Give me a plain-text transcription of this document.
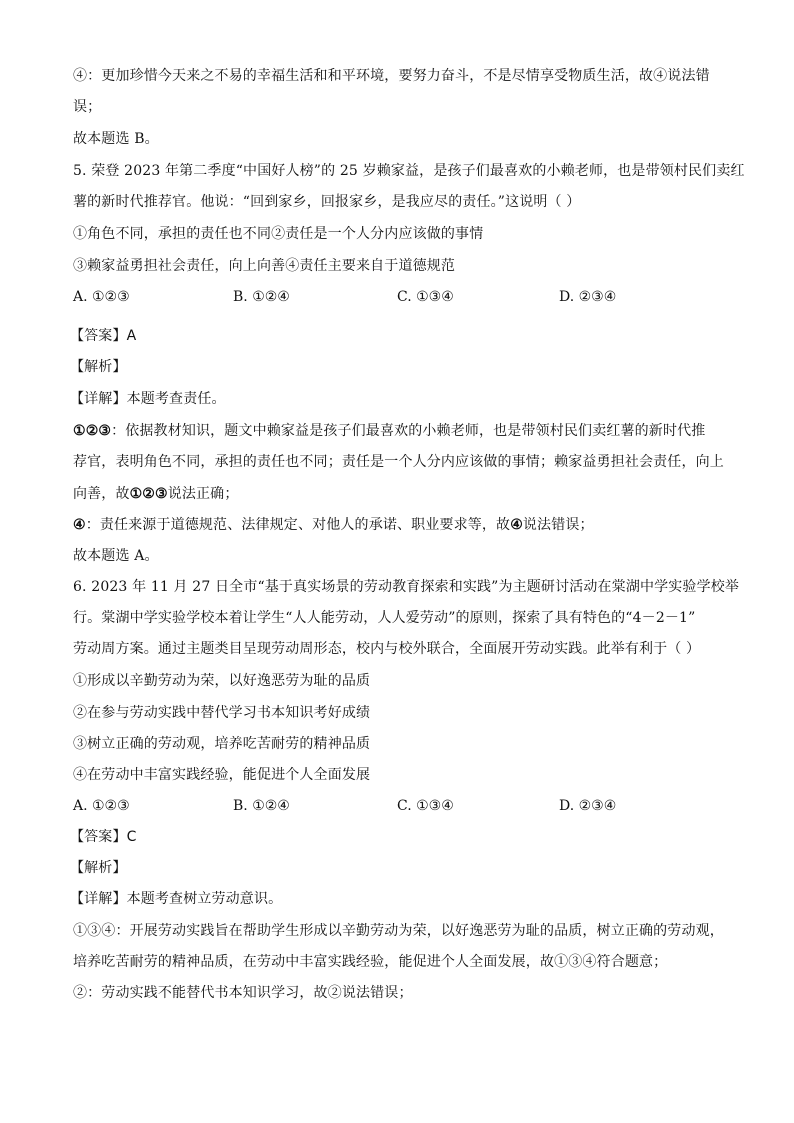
④：更加珍惜今天来之不易的幸福生活和和平环境，要努力奋斗，不是尽情享受物质生活，故④说法错
误；
故本题选 B。
5. 荣登 2023 年第二季度“中国好人榜”的 25 岁赖家益，是孩子们最喜欢的小赖老师，也是带领村民们卖红
薯的新时代推荐官。他说：“回到家乡，回报家乡，是我应尽的责任。”这说明（ ）
①角色不同，承担的责任也不同②责任是一个人分内应该做的事情
③赖家益勇担社会责任，向上向善④责任主要来自于道德规范
A. ①②③	B. ①②④	C. ①③④	D. ②③④
【答案】A
【解析】
【详解】本题考查责任。
①②③：依据教材知识，题文中赖家益是孩子们最喜欢的小赖老师，也是带领村民们卖红薯的新时代推
荐官，表明角色不同，承担的责任也不同；责任是一个人分内应该做的事情；赖家益勇担社会责任，向上
向善，故①②③说法正确；
④：责任来源于道德规范、法律规定、对他人的承诺、职业要求等，故④说法错误；
故本题选 A。
6. 2023 年 11 月 27 日全市“基于真实场景的劳动教育探索和实践”为主题研讨活动在棠湖中学实验学校举
行。棠湖中学实验学校本着让学生“人人能劳动，人人爱劳动”的原则，探索了具有特色的“4－2－1”
劳动周方案。通过主题类目呈现劳动周形态，校内与校外联合，全面展开劳动实践。此举有利于（ ）
①形成以辛勤劳动为荣，以好逸恶劳为耻的品质
②在参与劳动实践中替代学习书本知识考好成绩
③树立正确的劳动观，培养吃苦耐劳的精神品质
④在劳动中丰富实践经验，能促进个人全面发展
A. ①②③	B. ①②④	C. ①③④	D. ②③④
【答案】C
【解析】
【详解】本题考查树立劳动意识。
①③④：开展劳动实践旨在帮助学生形成以辛勤劳动为荣，以好逸恶劳为耻的品质，树立正确的劳动观，
培养吃苦耐劳的精神品质，在劳动中丰富实践经验，能促进个人全面发展，故①③④符合题意；
②：劳动实践不能替代书本知识学习，故②说法错误；
